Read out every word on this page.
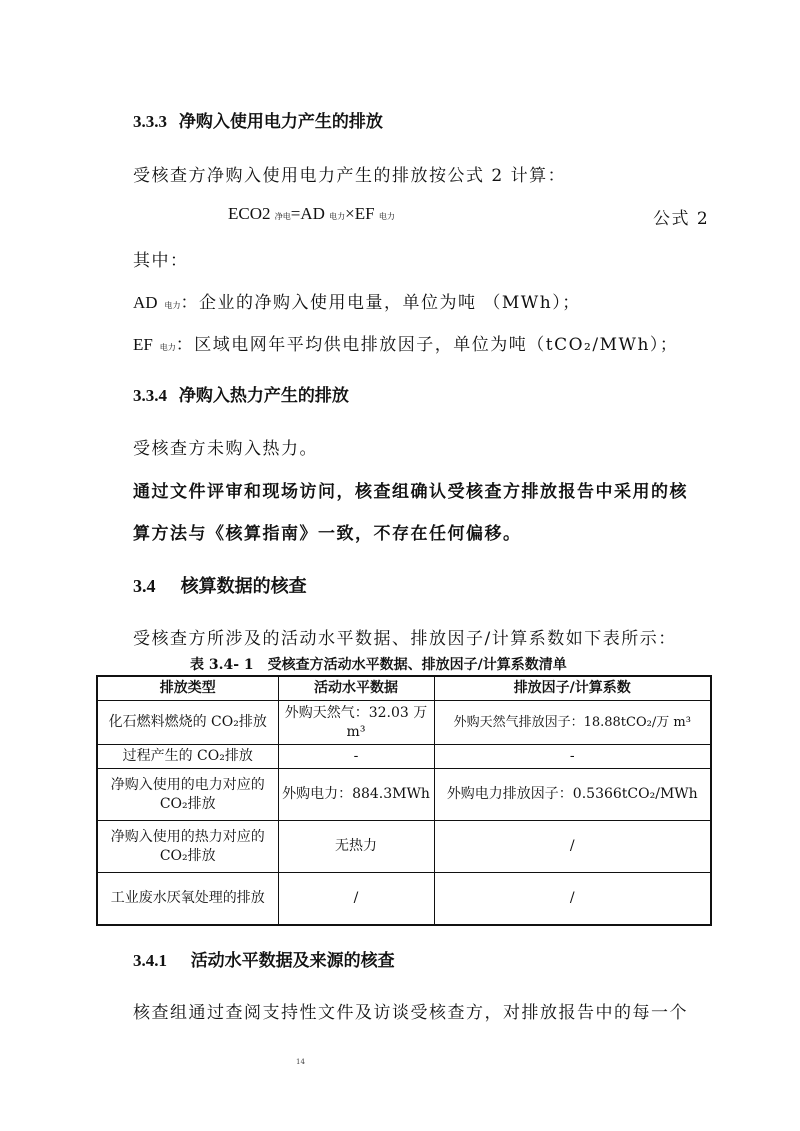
3.3.3 净购入使用电力产生的排放
受核查方净购入使用电力产生的排放按公式 2 计算：
ECO2 净电=AD 电力×EF 电力	公式 2
其中：
AD 电力：企业的净购入使用电量，单位为吨 （MWh）；
EF 电力：区域电网年平均供电排放因子，单位为吨（tCO₂/MWh）；
3.3.4 净购入热力产生的排放
受核查方未购入热力。
通过文件评审和现场访问，核查组确认受核查方排放报告中采用的核
算方法与《核算指南》一致，不存在任何偏移。
3.4 核算数据的核查
受核查方所涉及的活动水平数据、排放因子/计算系数如下表所示：
表 3.4- 1　受核查方活动水平数据、排放因子/计算系数清单
排放类型	活动水平数据	排放因子/计算系数
化石燃料燃烧的 CO₂排放	外购天然气：32.03 万 m³	外购天然气排放因子：18.88tCO₂/万 m³
过程产生的 CO₂排放	-	-
净购入使用的电力对应的 CO₂排放	外购电力：884.3MWh	外购电力排放因子：0.5366tCO₂/MWh
净购入使用的热力对应的 CO₂排放	无热力	/
工业废水厌氧处理的排放	/	/
3.4.1 活动水平数据及来源的核查
核查组通过查阅支持性文件及访谈受核查方，对排放报告中的每一个
14
